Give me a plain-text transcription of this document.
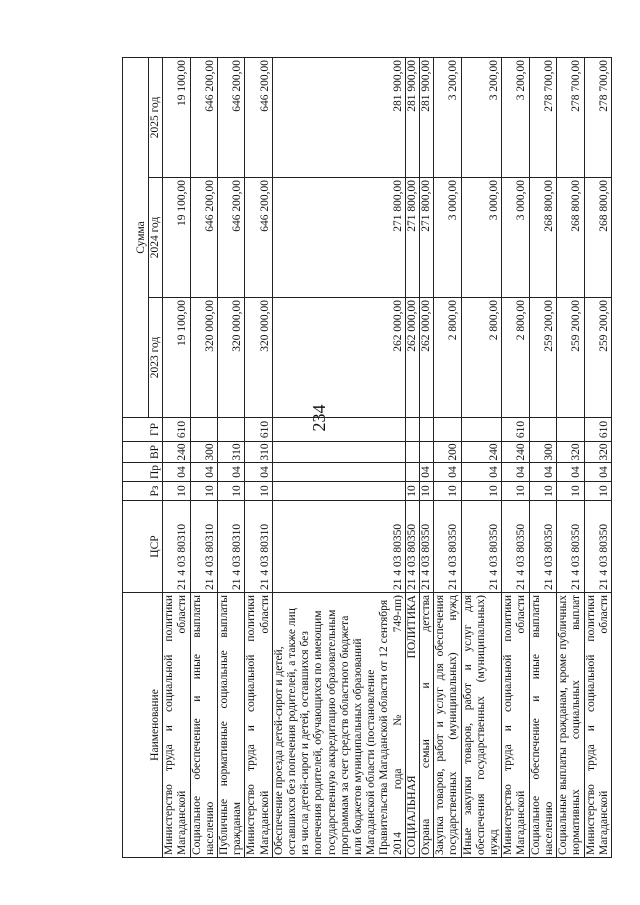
234
Наименование	ЦСР	Рз	Пр	ВР	ГР	Сумма		
						2023 год	2024 год	2025 год
Министерство труда и социальной политики Магаданской области	21 4 03 80310	10	04	240	610	19 100,00	19 100,00	19 100,00
Социальное обеспечение и иные выплаты населению	21 4 03 80310	10	04	300		320 000,00	646 200,00	646 200,00
Публичные нормативные социальные выплаты гражданам	21 4 03 80310	10	04	310		320 000,00	646 200,00	646 200,00
Министерство труда и социальной политики Магаданской области	21 4 03 80310	10	04	310	610	320 000,00	646 200,00	646 200,00
Обеспечение проезда детей-сирот и детей, оставшихся без попечения родителей, а также лиц из числа детей-сирот и детей, оставшихся без попечения родителей, обучающихся по имеющим государственную аккредитацию образовательным программам за счет средств областного бюджета или бюджетов муниципальных образований Магаданской области (постановление Правительства Магаданской области от 12 сентября 2014 года № 749-пп)	21 4 03 80350					262 000,00	271 800,00	281 900,00
СОЦИАЛЬНАЯ ПОЛИТИКА	21 4 03 80350	10				262 000,00	271 800,00	281 900,00
Охрана семьи и детства	21 4 03 80350	10	04			262 000,00	271 800,00	281 900,00
Закупка товаров, работ и услуг для обеспечения государственных (муниципальных) нужд	21 4 03 80350	10	04	200		2 800,00	3 000,00	3 200,00
Иные закупки товаров, работ и услуг для обеспечения государственных (муниципальных) нужд	21 4 03 80350	10	04	240		2 800,00	3 000,00	3 200,00
Министерство труда и социальной политики Магаданской области	21 4 03 80350	10	04	240	610	2 800,00	3 000,00	3 200,00
Социальное обеспечение и иные выплаты населению	21 4 03 80350	10	04	300		259 200,00	268 800,00	278 700,00
Социальные выплаты гражданам, кроме публичных нормативных социальных выплат	21 4 03 80350	10	04	320		259 200,00	268 800,00	278 700,00
Министерство труда и социальной политики Магаданской области	21 4 03 80350	10	04	320	610	259 200,00	268 800,00	278 700,00
